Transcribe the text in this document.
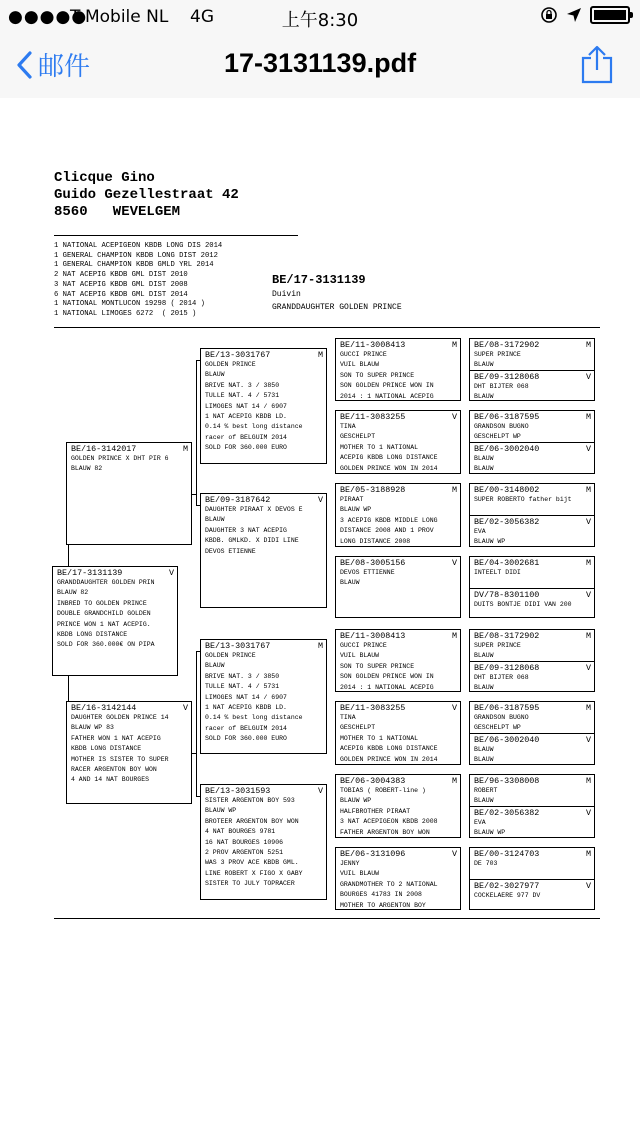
●●●●●
T-Mobile NL 4G	上午8:30
邮件	17-3131139.pdf
Clicque Gino
Guido Gezellestraat 42
8560   WEVELGEM
1 NATIONAL ACEPIGEON KBDB LONG DIS 2014
1 GENERAL CHAMPION KBDB LONG DIST 2012
1 GENERAL CHAMPION KBDB GMLD YRL 2014
2 NAT ACEPIG KBDB GML DIST 2010
3 NAT ACEPIG KBDB GML DIST 2008
6 NAT ACEPIG KBDB GML DIST 2014
1 NATIONAL MONTLUCON 19298 ( 2014 )
1 NATIONAL LIMOGES 6272  ( 2015 )
BE/17-3131139
Duivin
GRANDDAUGHTER GOLDEN PRINCE
BE/17-3131139	V
GRANDDAUGHTER GOLDEN PRIN
BLAUW 82
INBRED TO GOLDEN PRINCE
DOUBLE GRANDCHILD GOLDEN
PRINCE WON 1 NAT ACEPIG.
KBDB LONG DISTANCE
SOLD FOR 360.000€ ON PIPA
BE/16-3142017	M
GOLDEN PRINCE X DHT PIR 6
BLAUW 82
BE/16-3142144	V
DAUGHTER GOLDEN PRINCE 14
BLAUW WP 83
FATHER WON 1 NAT ACEPIG
KBDB LONG DISTANCE
MOTHER IS SISTER TO SUPER
RACER ARGENTON BOY WON
4 AND 14 NAT BOURGES
BE/13-3031767	M
GOLDEN PRINCE
BLAUW
BRIVE NAT. 3 / 3850
TULLE NAT. 4 / 5731
LIMOGES NAT 14 / 6907
1 NAT ACEPIG KBDB LD.
0.14 % best long distance
racer of BELGUIM 2014
SOLD FOR 360.000 EURO
BE/09-3187642	V
DAUGHTER PIRAAT X DEVOS E
BLAUW
DAUGHTER 3 NAT ACEPIG
KBDB. GMLKD. X DIDI LINE
DEVOS ETIENNE
BE/13-3031767	M
GOLDEN PRINCE
BLAUW
BRIVE NAT. 3 / 3850
TULLE NAT. 4 / 5731
LIMOGES NAT 14 / 6907
1 NAT ACEPIG KBDB LD.
0.14 % best long distance
racer of BELGUIM 2014
SOLD FOR 360.000 EURO
BE/13-3031593	V
SISTER ARGENTON BOY 593
BLAUW WP
BROTEER ARGENTON BOY WON
4 NAT BOURGES 9781
16 NAT BOURGES 10906
2 PROV ARGENTON 5251
WAS 3 PROV ACE KBDB GML.
LINE ROBERT X FIGO X GABY
SISTER TO JULY TOPRACER
BE/11-3008413	M
GUCCI PRINCE
VUIL BLAUW
SON TO SUPER PRINCE
SON GOLDEN PRINCE WON IN
2014 : 1 NATIONAL ACEPIG
BE/11-3083255	V
TINA
GESCHELPT
MOTHER TO 1 NATIONAL
ACEPIG KBDB LONG DISTANCE
GOLDEN PRINCE WON IN 2014
BE/05-3188928	M
PIRAAT
BLAUW WP
3 ACEPIG KBDB MIDDLE LONG
DISTANCE 2008 AND 1 PROV
LONG DISTANCE 2008
BE/08-3005156	V
DEVOS ETTIENNE
BLAUW
BE/11-3008413	M
GUCCI PRINCE
VUIL BLAUW
SON TO SUPER PRINCE
SON GOLDEN PRINCE WON IN
2014 : 1 NATIONAL ACEPIG
BE/11-3083255	V
TINA
GESCHELPT
MOTHER TO 1 NATIONAL
ACEPIG KBDB LONG DISTANCE
GOLDEN PRINCE WON IN 2014
BE/06-3004383	M
TOBIAS ( ROBERT-line )
BLAUW WP
HALFBROTHER PIRAAT
3 NAT ACEPIGEON KBDB 2008
FATHER ARGENTON BOY WON
BE/06-3131096	V
JENNY
VUIL BLAUW
GRANDMOTHER TO 2 NATIONAL
BOURGES 41783 IN 2008
MOTHER TO ARGENTON BOY
BE/08-3172902	M
SUPER PRINCE
BLAUW
BE/09-3128068	V
DHT BIJTER 068
BLAUW
BE/06-3187595	M
GRANDSON BUGNO
GESCHELPT WP
BE/06-3002040	V
BLAUW
BLAUW
BE/00-3148002	M
SUPER ROBERTO father bijt
BE/02-3056382	V
EVA
BLAUW WP
BE/04-3002681	M
INTEELT DIDI
DV/78-8301100	V
DUITS BONTJE DIDI VAN 200
BE/08-3172902	M
SUPER PRINCE
BLAUW
BE/09-3128068	V
DHT BIJTER 068
BLAUW
BE/06-3187595	M
GRANDSON BUGNO
GESCHELPT WP
BE/06-3002040	V
BLAUW
BLAUW
BE/96-3308008	M
ROBERT
BLAUW
BE/02-3056382	V
EVA
BLAUW WP
BE/00-3124703	M
DE 703
BE/02-3027977	V
COCKELAERE 977 DV
